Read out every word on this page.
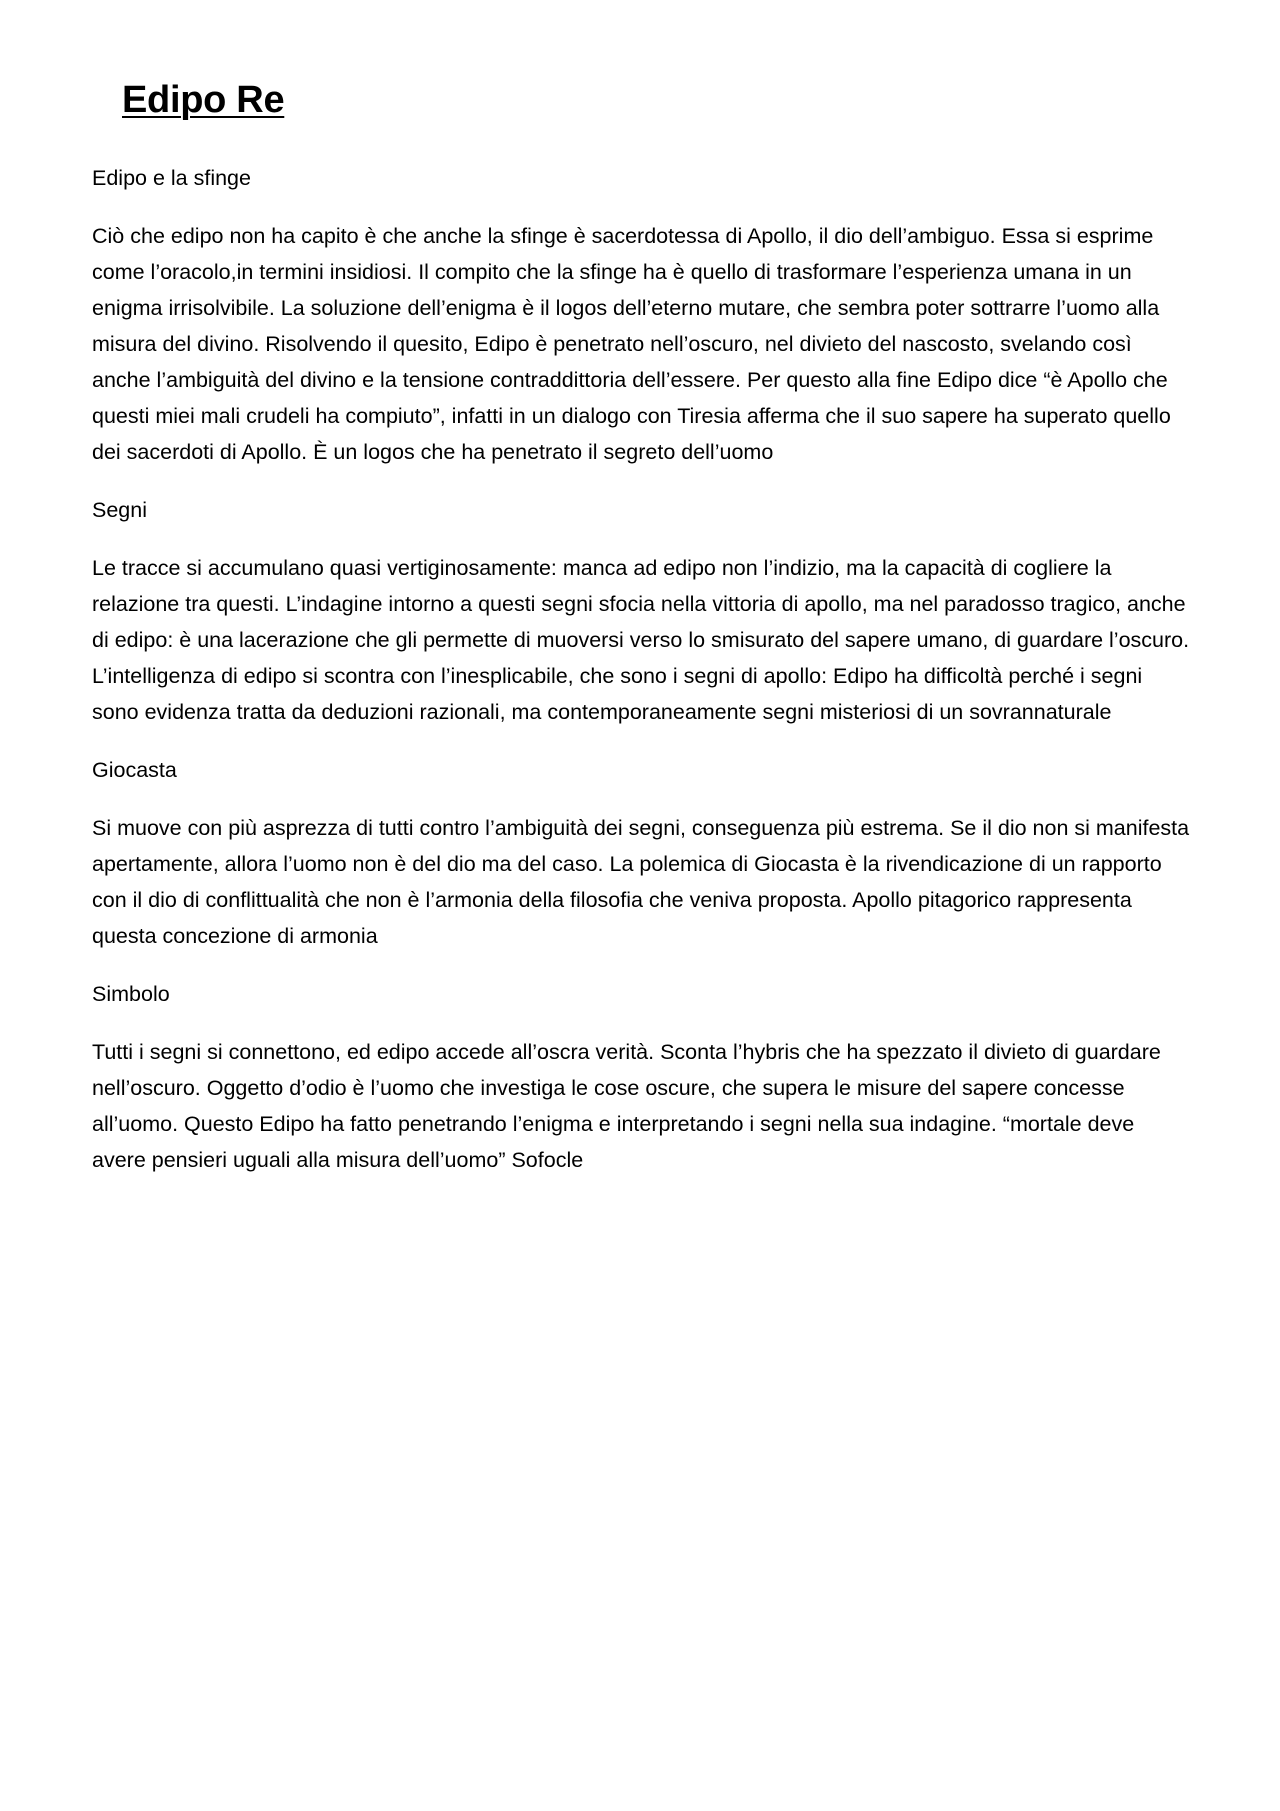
Edipo Re

Edipo e la sfinge

Ciò che edipo non ha capito è che anche la sfinge è sacerdotessa di Apollo, il dio dell’ambiguo. Essa si esprime come l’oracolo,in termini insidiosi. Il compito che la sfinge ha è quello di trasformare l’esperienza umana in un enigma irrisolvibile. La soluzione dell’enigma è il logos dell’eterno mutare, che sembra poter sottrarre l’uomo alla misura del divino. Risolvendo il quesito, Edipo è penetrato nell’oscuro, nel divieto del nascosto, svelando così anche l’ambiguità del divino e la tensione contraddittoria dell’essere. Per questo alla fine Edipo dice “è Apollo che questi miei mali crudeli ha compiuto”, infatti in un dialogo con Tiresia afferma che il suo sapere ha superato quello dei sacerdoti di Apollo. È un logos che ha penetrato il segreto dell’uomo

Segni

Le tracce si accumulano quasi vertiginosamente: manca ad edipo non l’indizio, ma la capacità di cogliere la relazione tra questi. L’indagine intorno a questi segni sfocia nella vittoria di apollo, ma nel paradosso tragico, anche di edipo: è una lacerazione che gli permette di muoversi verso lo smisurato del sapere umano, di guardare l’oscuro. L’intelligenza di edipo si scontra con l’inesplicabile, che sono i segni di apollo: Edipo ha difficoltà perché i segni sono evidenza tratta da deduzioni razionali, ma contemporaneamente segni misteriosi di un sovrannaturale

Giocasta

Si muove con più asprezza di tutti contro l’ambiguità dei segni, conseguenza più estrema. Se il dio non si manifesta apertamente, allora l’uomo non è del dio ma del caso. La polemica di Giocasta è la rivendicazione di un rapporto con il dio di conflittualità che non è l’armonia della filosofia che veniva proposta. Apollo pitagorico rappresenta questa concezione di armonia

Simbolo

Tutti i segni si connettono, ed edipo accede all’oscra verità. Sconta l’hybris che ha spezzato il divieto di guardare nell’oscuro. Oggetto d’odio è l’uomo che investiga le cose oscure, che supera le misure del sapere concesse all’uomo. Questo Edipo ha fatto penetrando l’enigma e interpretando i segni nella sua indagine. “mortale deve avere pensieri uguali alla misura dell’uomo” Sofocle
